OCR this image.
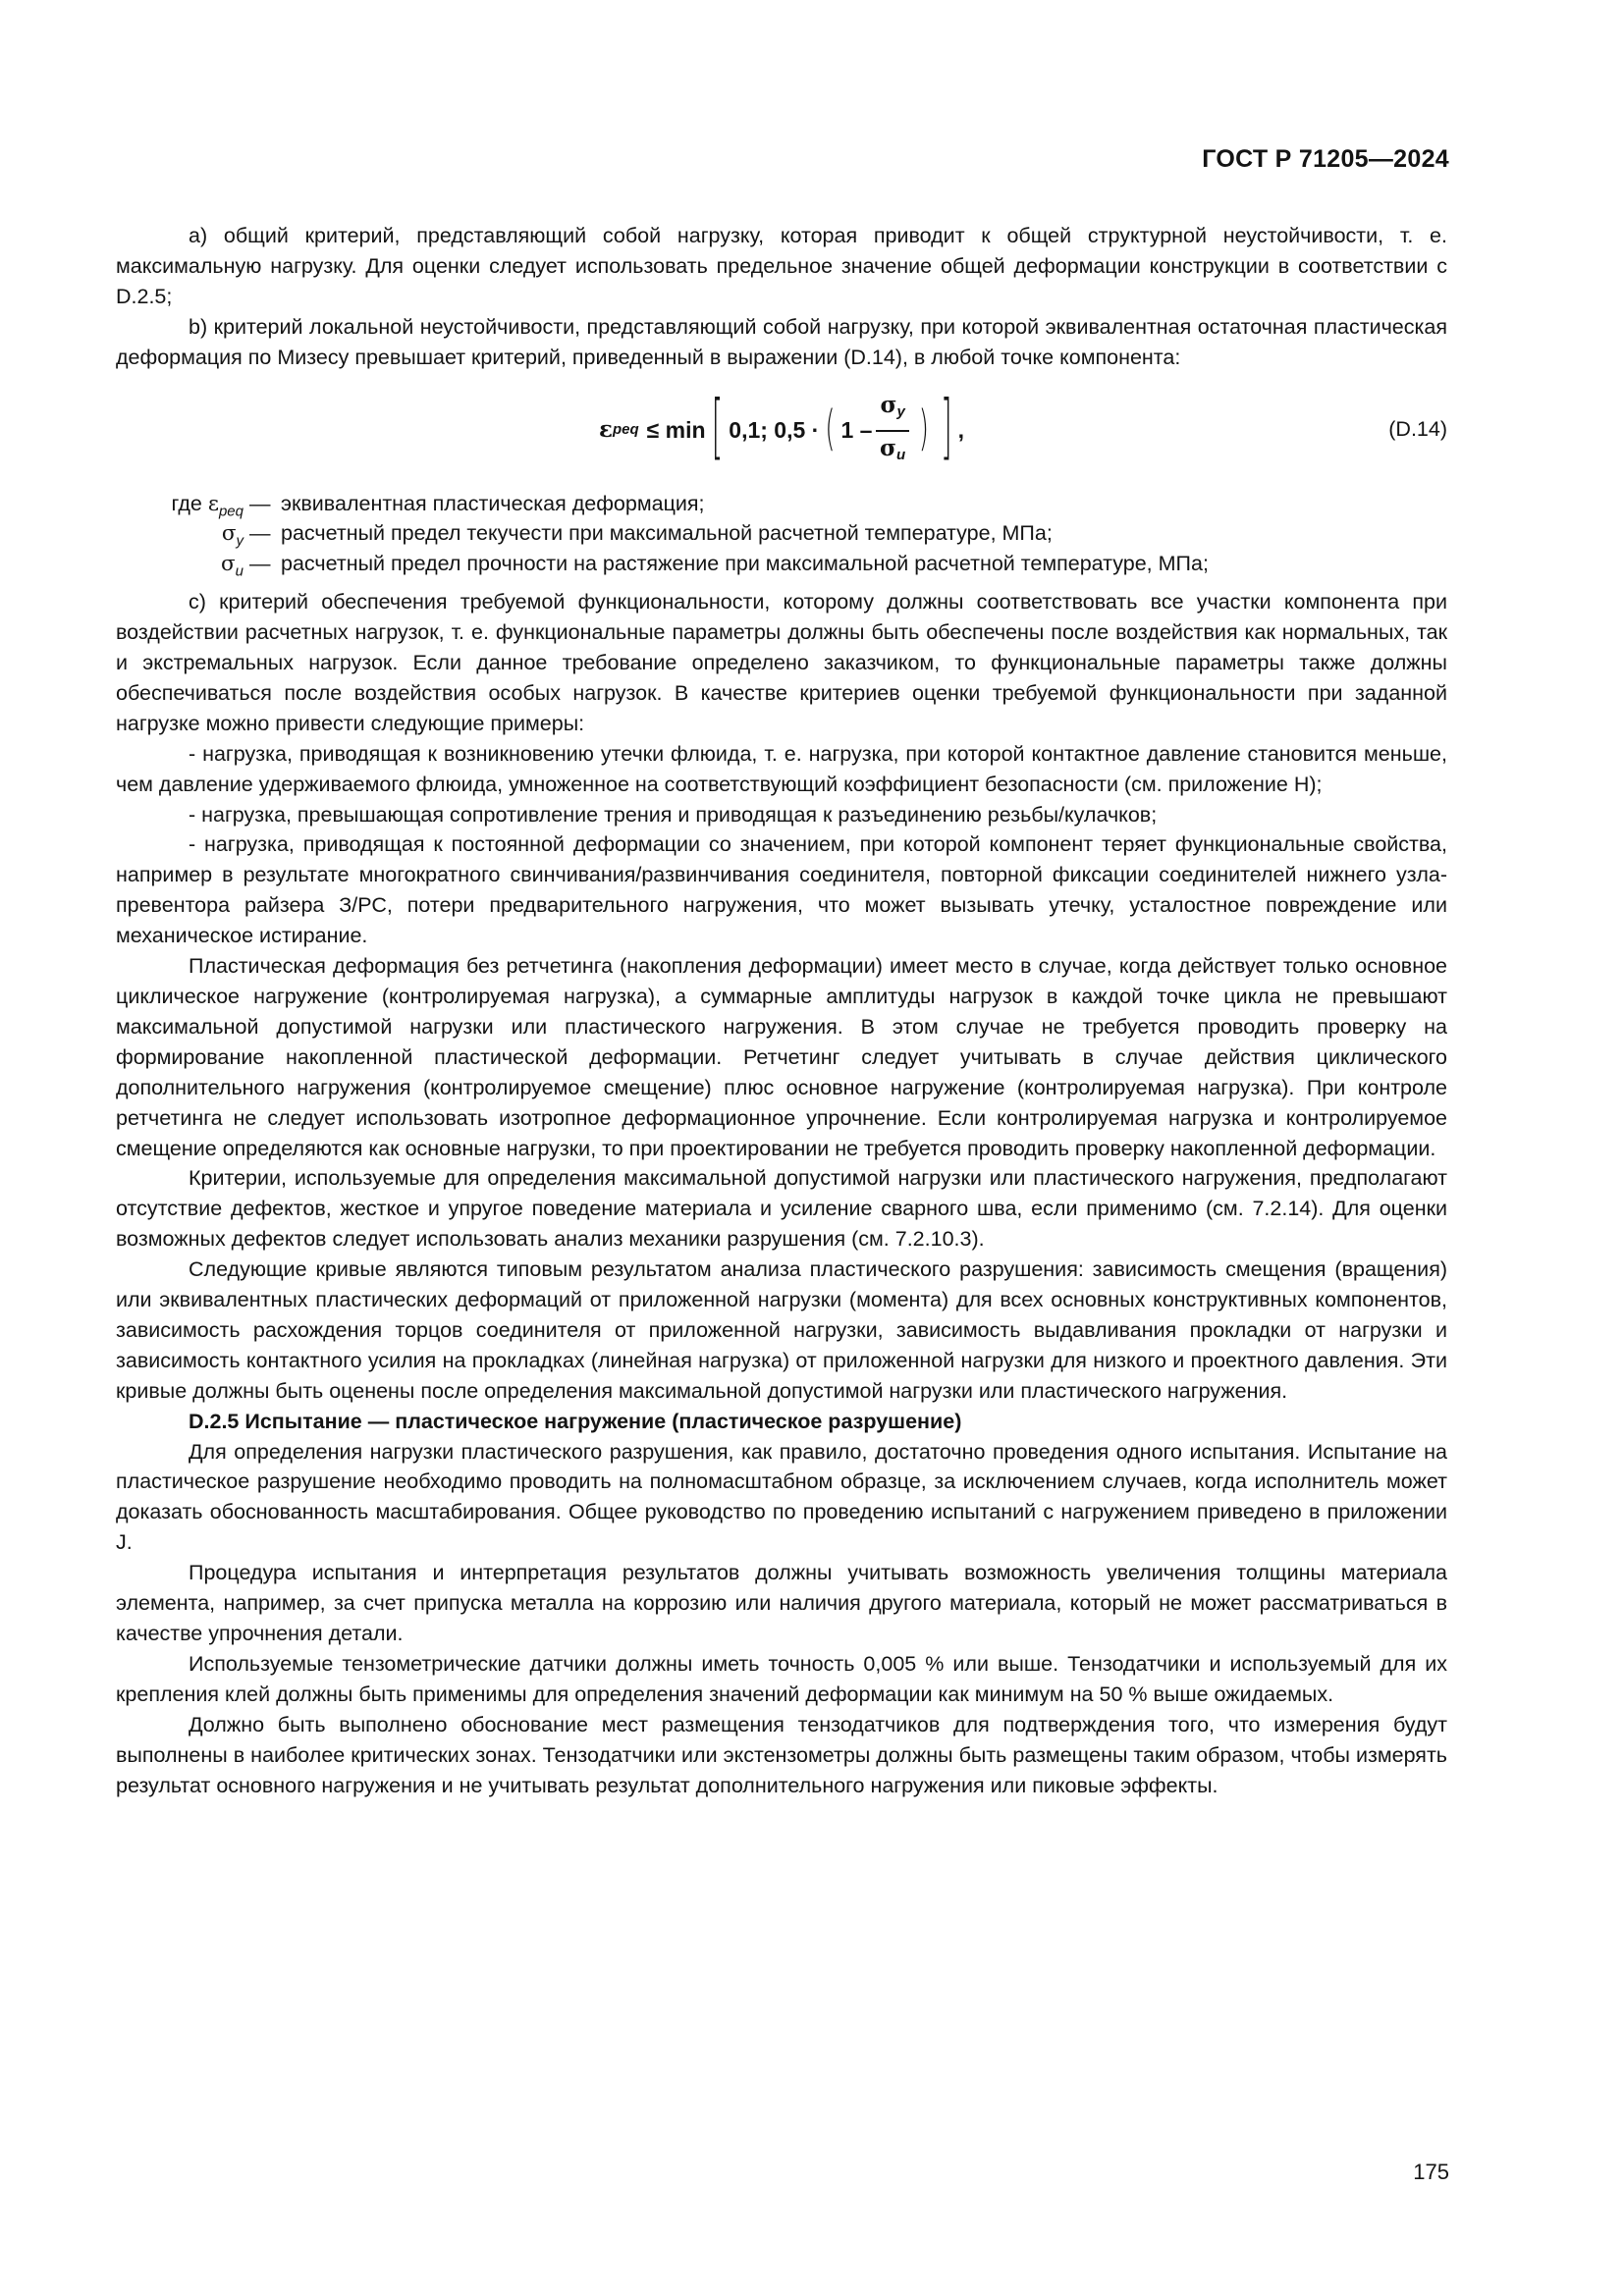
ГОСТ Р 71205—2024

а) общий критерий, представляющий собой нагрузку, которая приводит к общей структурной неустойчивости, т. е. максимальную нагрузку. Для оценки следует использовать предельное значение общей деформации конструкции в соответствии с D.2.5;

b) критерий локальной неустойчивости, представляющий собой нагрузку, при которой эквивалентная остаточная пластическая деформация по Мизесу превышает критерий, приведенный в выражении (D.14), в любой точке компонента:

ε peq ≤ min [ 0,1; 0,5 · ( $1 - \frac{\sigma_y}{\sigma_u}$ ) ] ,	(D.14)
где $\varepsilon_{peq}$ — эквивалентная пластическая деформация;
$\sigma_y$ — расчетный предел текучести при максимальной расчетной температуре, МПа;
$\sigma_u$ — расчетный предел прочности на растяжение при максимальной расчетной температуре, МПа;

с) критерий обеспечения требуемой функциональности, которому должны соответствовать все участки компонента при воздействии расчетных нагрузок, т. е. функциональные параметры должны быть обеспечены после воздействия как нормальных, так и экстремальных нагрузок. Если данное требование определено заказчиком, то функциональные параметры также должны обеспечиваться после воздействия особых нагрузок. В качестве критериев оценки требуемой функциональности при заданной нагрузке можно привести следующие примеры:

- нагрузка, приводящая к возникновению утечки флюида, т. е. нагрузка, при которой контактное давление становится меньше, чем давление удерживаемого флюида, умноженное на соответствующий коэффициент безопасности (см. приложение Н);

- нагрузка, превышающая сопротивление трения и приводящая к разъединению резьбы/кулачков;

- нагрузка, приводящая к постоянной деформации со значением, при которой компонент теряет функциональные свойства, например в результате многократного свинчивания/развинчивания соединителя, повторной фиксации соединителей нижнего узла-превентора райзера З/РС, потери предварительного нагружения, что может вызывать утечку, усталостное повреждение или механическое истирание.

Пластическая деформация без ретчетинга (накопления деформации) имеет место в случае, когда действует только основное циклическое нагружение (контролируемая нагрузка), а суммарные амплитуды нагрузок в каждой точке цикла не превышают максимальной допустимой нагрузки или пластического нагружения. В этом случае не требуется проводить проверку на формирование накопленной пластической деформации. Ретчетинг следует учитывать в случае действия циклического дополнительного нагружения (контролируемое смещение) плюс основное нагружение (контролируемая нагрузка). При контроле ретчетинга не следует использовать изотропное деформационное упрочнение. Если контролируемая нагрузка и контролируемое смещение определяются как основные нагрузки, то при проектировании не требуется проводить проверку накопленной деформации.

Критерии, используемые для определения максимальной допустимой нагрузки или пластического нагружения, предполагают отсутствие дефектов, жесткое и упругое поведение материала и усиление сварного шва, если применимо (см. 7.2.14). Для оценки возможных дефектов следует использовать анализ механики разрушения (см. 7.2.10.3).

Следующие кривые являются типовым результатом анализа пластического разрушения: зависимость смещения (вращения) или эквивалентных пластических деформаций от приложенной нагрузки (момента) для всех основных конструктивных компонентов, зависимость расхождения торцов соединителя от приложенной нагрузки, зависимость выдавливания прокладки от нагрузки и зависимость контактного усилия на прокладках (линейная нагрузка) от приложенной нагрузки для низкого и проектного давления. Эти кривые должны быть оценены после определения максимальной допустимой нагрузки или пластического нагружения.

D.2.5 Испытание — пластическое нагружение (пластическое разрушение)

Для определения нагрузки пластического разрушения, как правило, достаточно проведения одного испытания. Испытание на пластическое разрушение необходимо проводить на полномасштабном образце, за исключением случаев, когда исполнитель может доказать обоснованность масштабирования. Общее руководство по проведению испытаний с нагружением приведено в приложении J.

Процедура испытания и интерпретация результатов должны учитывать возможность увеличения толщины материала элемента, например, за счет припуска металла на коррозию или наличия другого материала, который не может рассматриваться в качестве упрочнения детали.

Используемые тензометрические датчики должны иметь точность 0,005 % или выше. Тензодатчики и используемый для их крепления клей должны быть применимы для определения значений деформации как минимум на 50 % выше ожидаемых.

Должно быть выполнено обоснование мест размещения тензодатчиков для подтверждения того, что измерения будут выполнены в наиболее критических зонах. Тензодатчики или экстензометры должны быть размещены таким образом, чтобы измерять результат основного нагружения и не учитывать результат дополнительного нагружения или пиковые эффекты.

175
